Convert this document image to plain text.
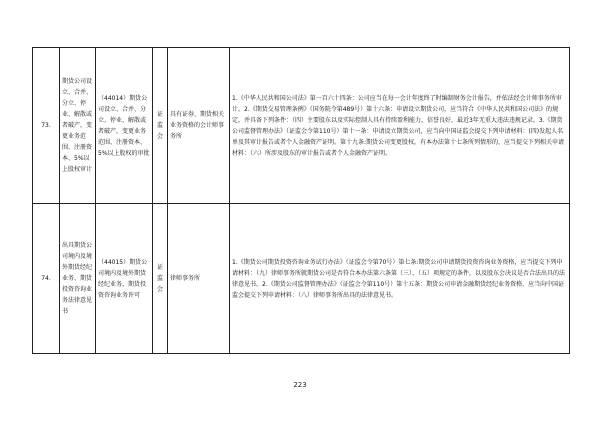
73.	期货公司设立、合并、分立、停业、解散或者破产，变更业务范围、注册资本、5%以上股权审计	（44014）期货公司设立、合并、分立、停业、解散或者破产，变更业务范围、注册资本、5%以上股权的审批	证监会	具有证券、期货相关业务资格的会计师事务所	1.《中华人民共和国公司法》第一百六十四条：公司应当在每一会计年度终了时编制财务会计报告，并依法经会计师事务所审计。2.《期货交易管理条例》（国务院令第489号）第十六条：申请设立期货公司，应当符合《中华人民共和国公司法》的规定，并具备下列条件：（四）主要股东以及实际控制人具有持续盈利能力，信誉良好，最近3年无重大违法违规记录。3.《期货公司监督管理办法》（证监会令第110号）第十一条：申请设立期货公司，应当向中国证监会提交下列申请材料：(四)发起人名单及其审计报告或者个人金融资产证明。第十九条:期货公司变更股权，有本办法第十七条所列情形的，应当提交下列相关申请材料：（六）所涉及股东的审计报告或者个人金融资产证明。
74.	出具期货公司境内及境外期货经纪业务、期货投资咨询业务法律意见书	（44015）期货公司境内及境外期货经纪业务、期货投资咨询业务许可	证监会	律师事务所	1.《期货公司期货投资咨询业务试行办法》（证监会令第70号）第七条:期货公司申请期货投资咨询业务资格，应当提交下列申请材料：（九）律师事务所就期货公司是否符合本办法第六条第（三）、（五）项规定的条件，以及股东会决议是否合法出具的法律意见书。2.《期货公司监督管理办法》（证监会令第110号）第十五条：期货公司申请金融期货经纪业务资格，应当向中国证监会提交下列申请材料：（八）律师事务所出具的法律意见书。
223
